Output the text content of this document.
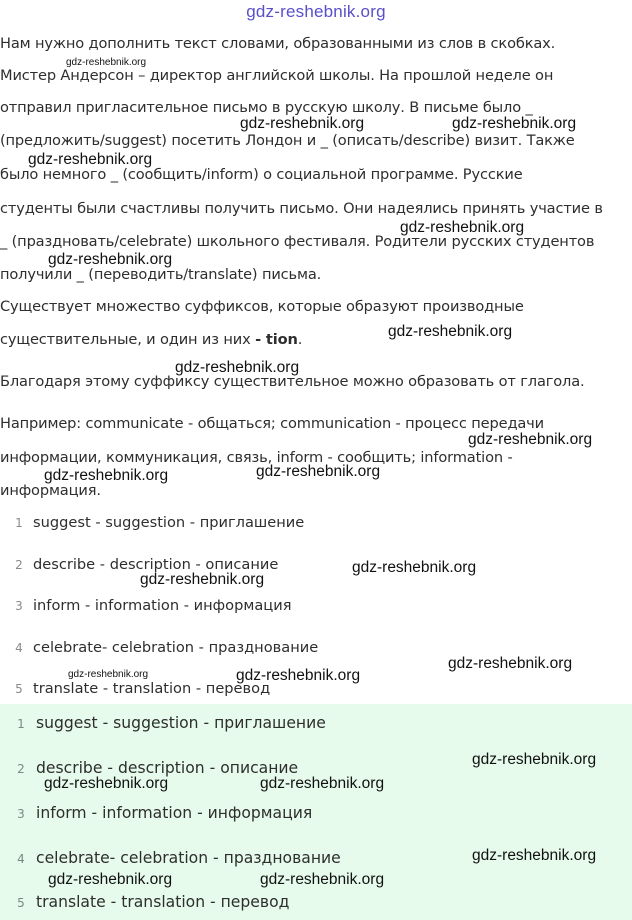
gdz-reshebnik.org
Нам нужно дополнить текст словами, образованными из слов в скобках.
Мистер Андерсон – директор английской школы. На прошлой неделе он
отправил пригласительное письмо в русскую школу. В письме было _
(предложить/suggest) посетить Лондон и _ (описать/describe) визит. Также
было немного _ (сообщить/inform) о социальной программе. Русские
студенты были счастливы получить письмо. Они надеялись принять участие в
_ (праздновать/celebrate) школьного фестиваля. Родители русских студентов
получили _ (переводить/translate) письма.
Существует множество суффиксов, которые образуют производные
существительные, и один из них - tion.
Благодаря этому суффиксу существительное можно образовать от глагола.
Например: communicate - общаться; communication - процесс передачи
информации, коммуникация, связь, inform - сообщить; information -
информация.
1 suggest - suggestion - приглашение
2 describe - description - описание
3 inform - information - информация
4 celebrate- celebration - празднование
5 translate - translation - перевод
1 suggest - suggestion - приглашение
2 describe - description - описание
3 inform - information - информация
4 celebrate- celebration - празднование
5 translate - translation - перевод
gdz-reshebnik.org
gdz-reshebnik.org	gdz-reshebnik.org
gdz-reshebnik.org
gdz-reshebnik.org
gdz-reshebnik.org
gdz-reshebnik.org
gdz-reshebnik.org
gdz-reshebnik.org
gdz-reshebnik.org
gdz-reshebnik.org
gdz-reshebnik.org
gdz-reshebnik.org
gdz-reshebnik.org
gdz-reshebnik.org	gdz-reshebnik.org
gdz-reshebnik.org
gdz-reshebnik.org	gdz-reshebnik.org
gdz-reshebnik.org
gdz-reshebnik.org	gdz-reshebnik.org
